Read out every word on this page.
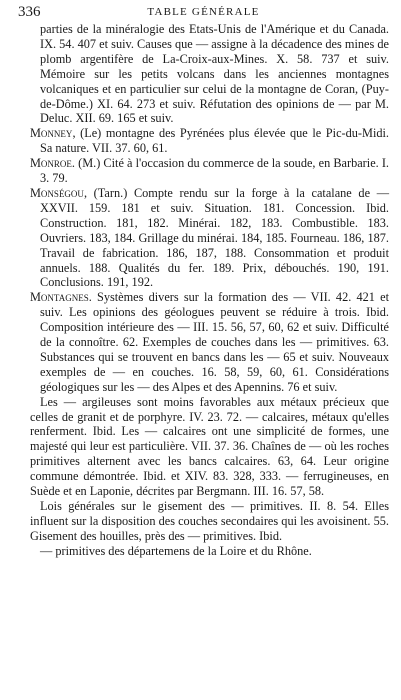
336	TABLE GÉNÉRALE

parties de la minéralogie des Etats-Unis de l'Amérique et du Canada. IX. 54. 407 et suiv. Causes que — assigne à la décadence des mines de plomb argentifère de La-Croix-aux-Mines. X. 58. 737 et suiv. Mémoire sur les petits volcans dans les anciennes montagnes volcaniques et en particulier sur celui de la montagne de Coran, (Puy-de-Dôme.) XI. 64. 273 et suiv. Réfutation des opinions de — par M. Deluc. XII. 69. 165 et suiv.

Monney, (Le) montagne des Pyrénées plus élevée que le Pic-du-Midi. Sa nature. VII. 37. 60, 61.

Monroe. (M.) Cité à l'occasion du commerce de la soude, en Barbarie. I. 3. 79.

Monségou, (Tarn.) Compte rendu sur la forge à la catalane de — XXVII. 159. 181 et suiv. Situation. 181. Concession. Ibid. Construction. 181, 182. Minérai. 182, 183. Combustible. 183. Ouvriers. 183, 184. Grillage du minérai. 184, 185. Fourneau. 186, 187. Travail de fabrication. 186, 187, 188. Consommation et produit annuels. 188. Qualités du fer. 189. Prix, débouchés. 190, 191. Conclusions. 191, 192.

Montagnes. Systèmes divers sur la formation des — VII. 42. 421 et suiv. Les opinions des géologues peuvent se réduire à trois. Ibid. Composition intérieure des — III. 15. 56, 57, 60, 62 et suiv. Difficulté de la connoître. 62. Exemples de couches dans les — primitives. 63. Substances qui se trouvent en bancs dans les — 65 et suiv. Nouveaux exemples de — en couches. 16. 58, 59, 60, 61. Considérations géologiques sur les — des Alpes et des Apennins. 76 et suiv.

Les — argileuses sont moins favorables aux métaux précieux que celles de granit et de porphyre. IV. 23. 72. — calcaires, métaux qu'elles renferment. Ibid. Les — calcaires ont une simplicité de formes, une majesté qui leur est particulière. VII. 37. 36. Chaînes de — où les roches primitives alternent avec les bancs calcaires. 63, 64. Leur origine commune démontrée. Ibid. et XIV. 83. 328, 333. — ferrugineuses, en Suède et en Laponie, décrites par Bergmann. III. 16. 57, 58.

Lois générales sur le gisement des — primitives. II. 8. 54. Elles influent sur la disposition des couches secondaires qui les avoisinent. 55. Gisement des houilles, près des — primitives. Ibid.

— primitives des départemens de la Loire et du Rhône.
